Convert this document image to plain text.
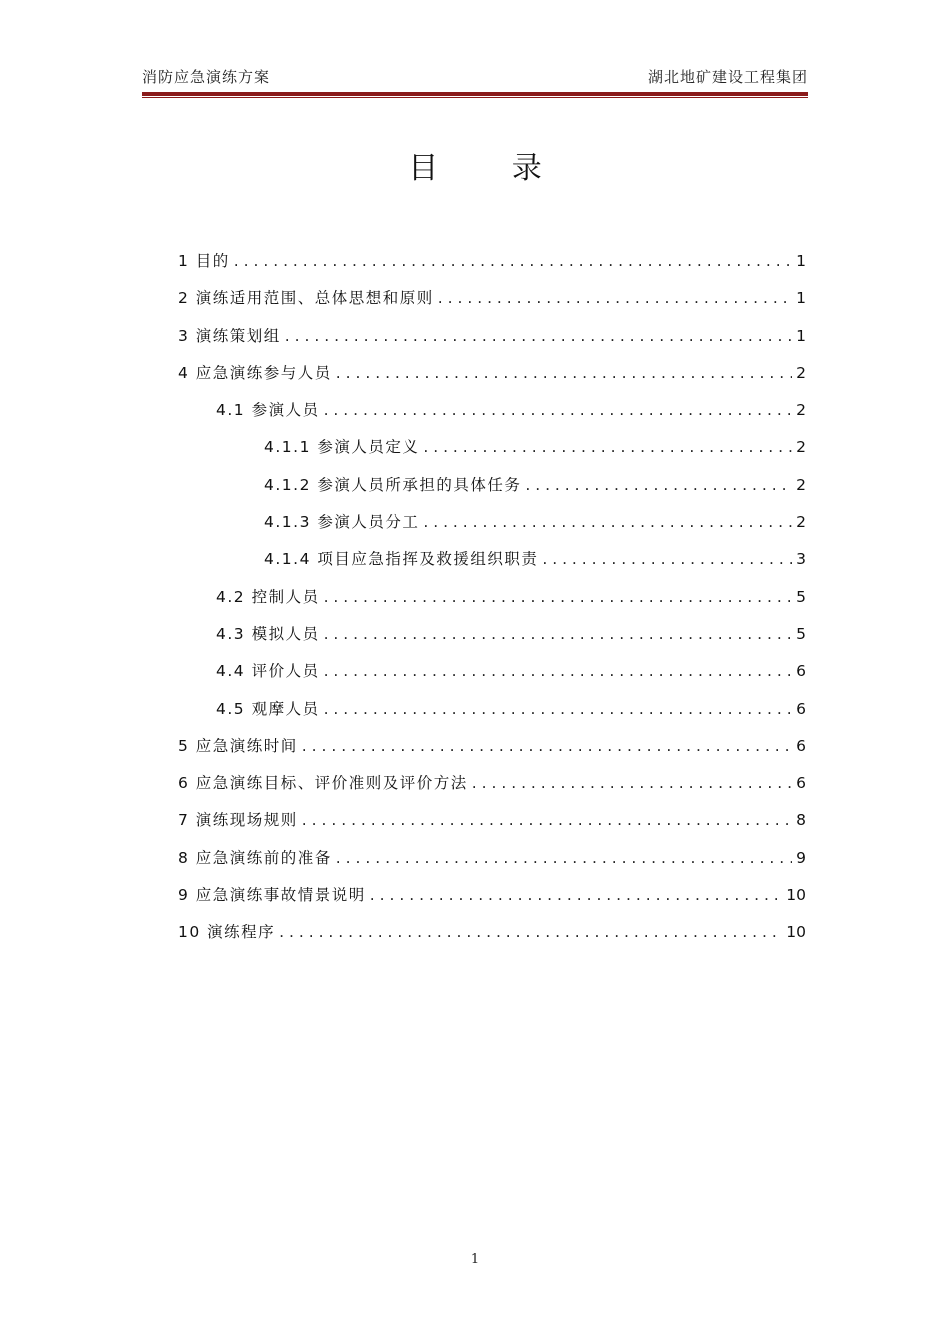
消防应急演练方案	湖北地矿建设工程集团
目 录
1 目的 . . .	1
2 演练适用范围、总体思想和原则 . . .	1
3 演练策划组 . . .	1
4 应急演练参与人员 . . .	2
4.1 参演人员 . . .	2
4.1.1 参演人员定义 . . .	2
4.1.2 参演人员所承担的具体任务 . . .	2
4.1.3 参演人员分工 . . .	2
4.1.4 项目应急指挥及救援组织职责 . . .	3
4.2 控制人员 . . .	5
4.3 模拟人员 . . .	5
4.4 评价人员 . . .	6
4.5 观摩人员 . . .	6
5 应急演练时间 . . .	6
6 应急演练目标、评价准则及评价方法 . . .	6
7 演练现场规则 . . .	8
8 应急演练前的准备 . . .	9
9 应急演练事故情景说明 . . .	10
10 演练程序 . . .	10
1
